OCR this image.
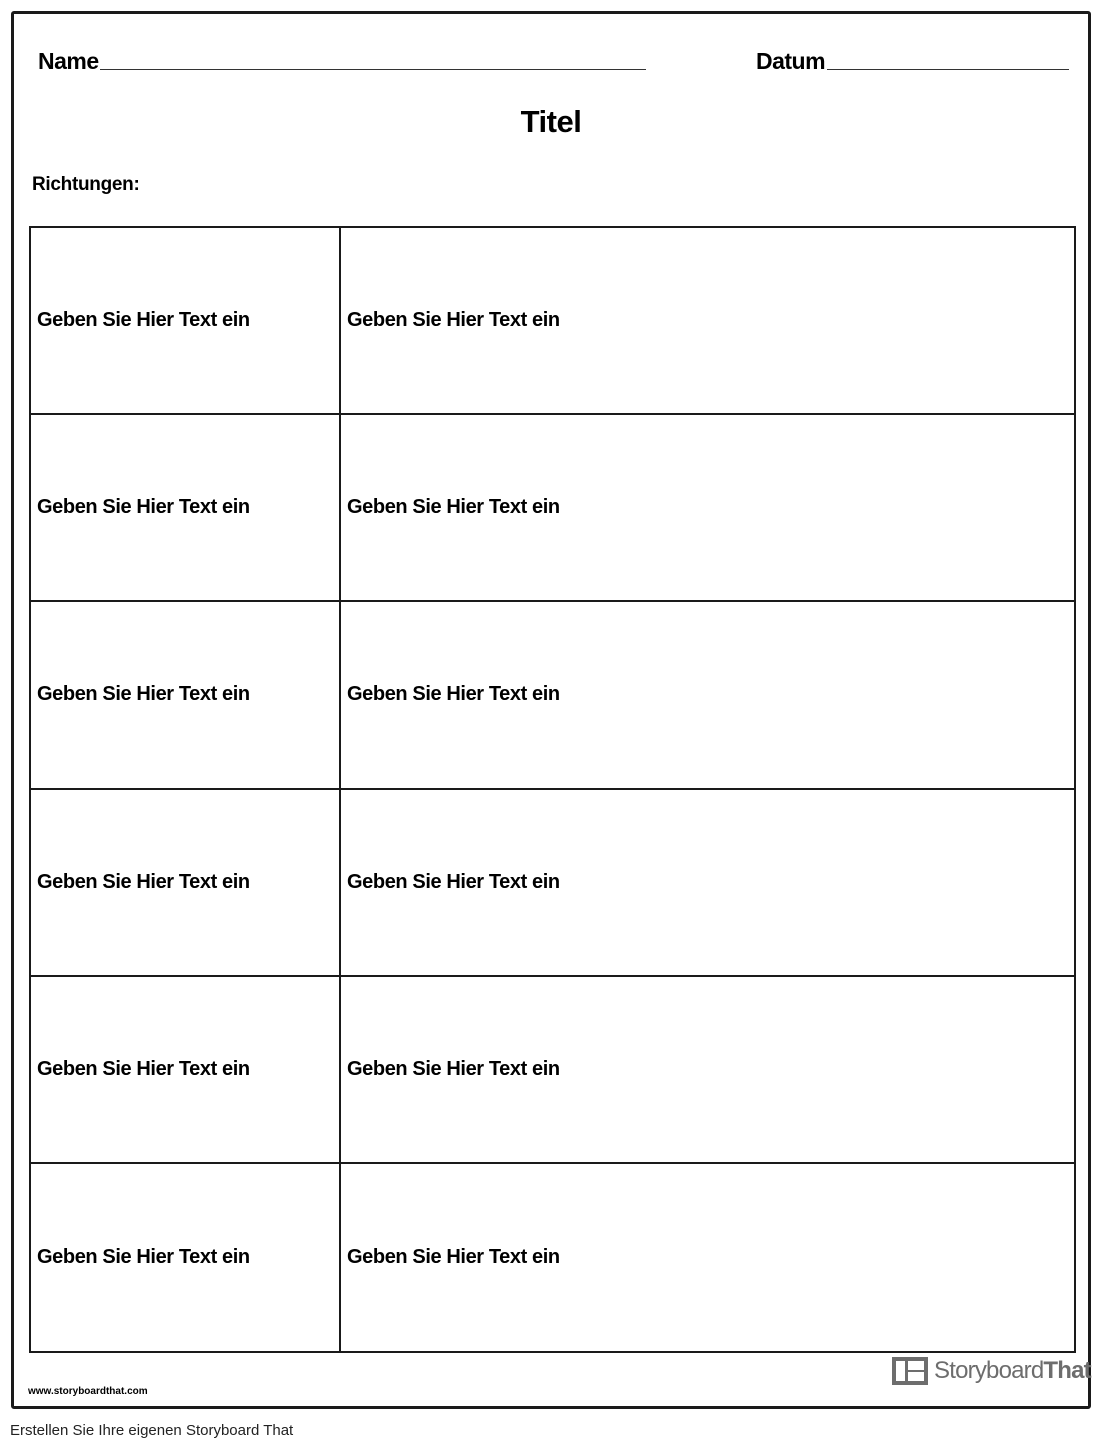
Name	Datum
Titel
Richtungen:
Geben Sie Hier Text ein	Geben Sie Hier Text ein
Geben Sie Hier Text ein	Geben Sie Hier Text ein
Geben Sie Hier Text ein	Geben Sie Hier Text ein
Geben Sie Hier Text ein	Geben Sie Hier Text ein
Geben Sie Hier Text ein	Geben Sie Hier Text ein
Geben Sie Hier Text ein	Geben Sie Hier Text ein
www.storyboardthat.com
StoryboardThat
Erstellen Sie Ihre eigenen Storyboard That
